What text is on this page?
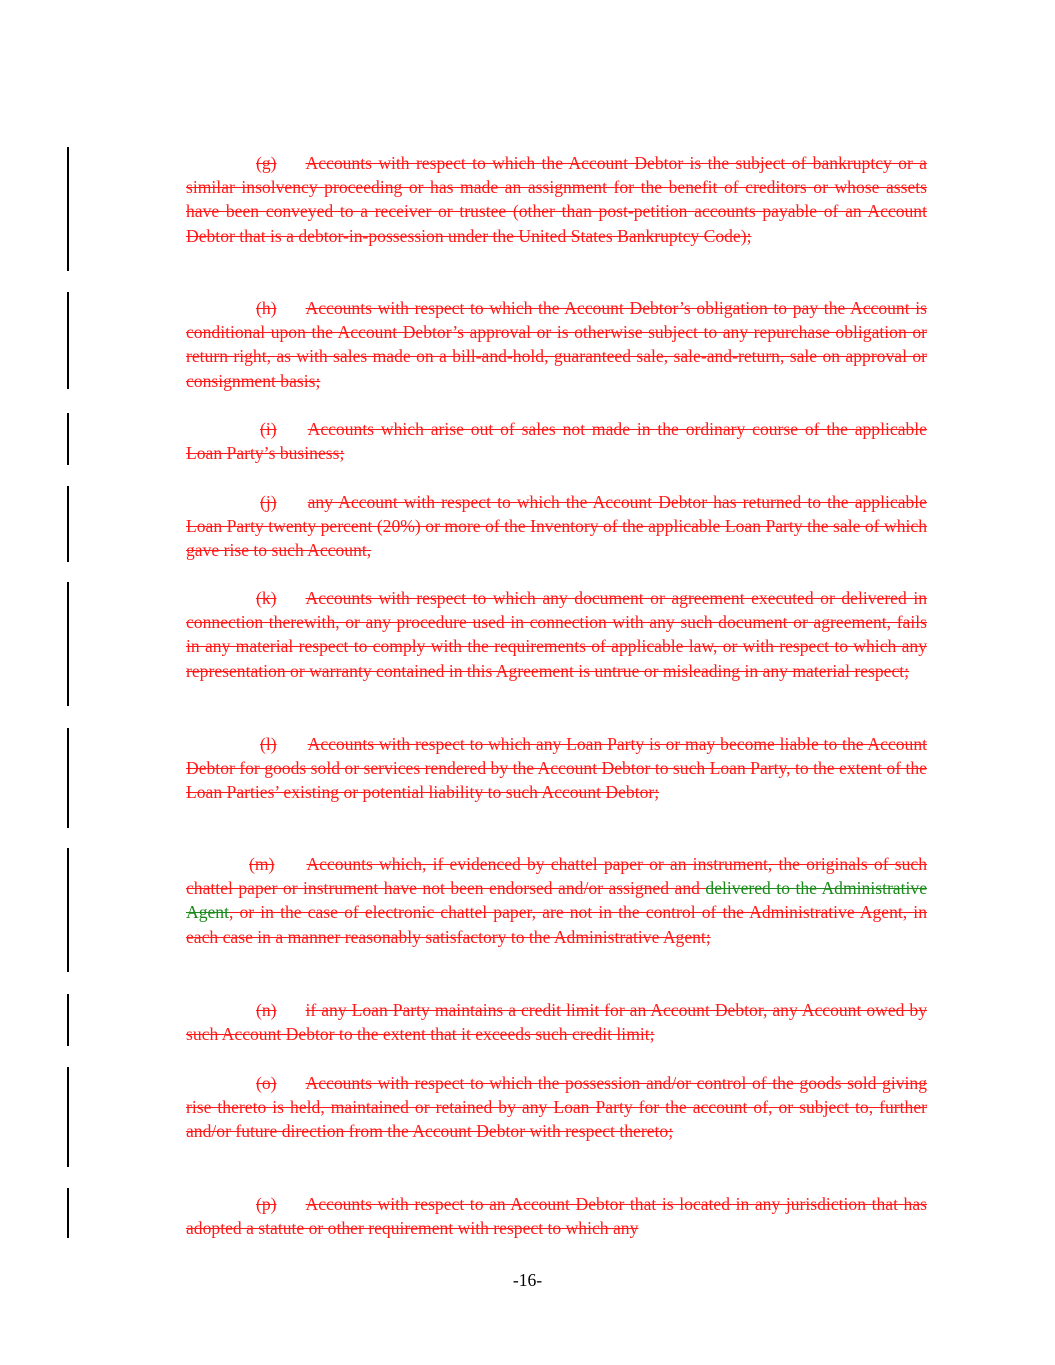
(g) Accounts with respect to which the Account Debtor is the subject of bankruptcy or a similar insolvency proceeding or has made an assignment for the benefit of creditors or whose assets have been conveyed to a receiver or trustee (other than post-petition accounts payable of an Account Debtor that is a debtor-in-possession under the United States Bankruptcy Code);

(h) Accounts with respect to which the Account Debtor’s obligation to pay the Account is conditional upon the Account Debtor’s approval or is otherwise subject to any repurchase obligation or return right, as with sales made on a bill-and-hold, guaranteed sale, sale-and-return, sale on approval or consignment basis;

(i) Accounts which arise out of sales not made in the ordinary course of the applicable Loan Party’s business;

(j) any Account with respect to which the Account Debtor has returned to the applicable Loan Party twenty percent (20%) or more of the Inventory of the applicable Loan Party the sale of which gave rise to such Account,

(k) Accounts with respect to which any document or agreement executed or delivered in connection therewith, or any procedure used in connection with any such document or agreement, fails in any material respect to comply with the requirements of applicable law, or with respect to which any representation or warranty contained in this Agreement is untrue or misleading in any material respect;

(l) Accounts with respect to which any Loan Party is or may become liable to the Account Debtor for goods sold or services rendered by the Account Debtor to such Loan Party, to the extent of the Loan Parties’ existing or potential liability to such Account Debtor;

(m) Accounts which, if evidenced by chattel paper or an instrument, the originals of such chattel paper or instrument have not been endorsed and/or assigned and delivered to the Administrative Agent, or in the case of electronic chattel paper, are not in the control of the Administrative Agent, in each case in a manner reasonably satisfactory to the Administrative Agent;

(n) if any Loan Party maintains a credit limit for an Account Debtor, any Account owed by such Account Debtor to the extent that it exceeds such credit limit;

(o) Accounts with respect to which the possession and/or control of the goods sold giving rise thereto is held, maintained or retained by any Loan Party for the account of, or subject to, further and/or future direction from the Account Debtor with respect thereto;

(p) Accounts with respect to an Account Debtor that is located in any jurisdiction that has adopted a statute or other requirement with respect to which any

-16-
